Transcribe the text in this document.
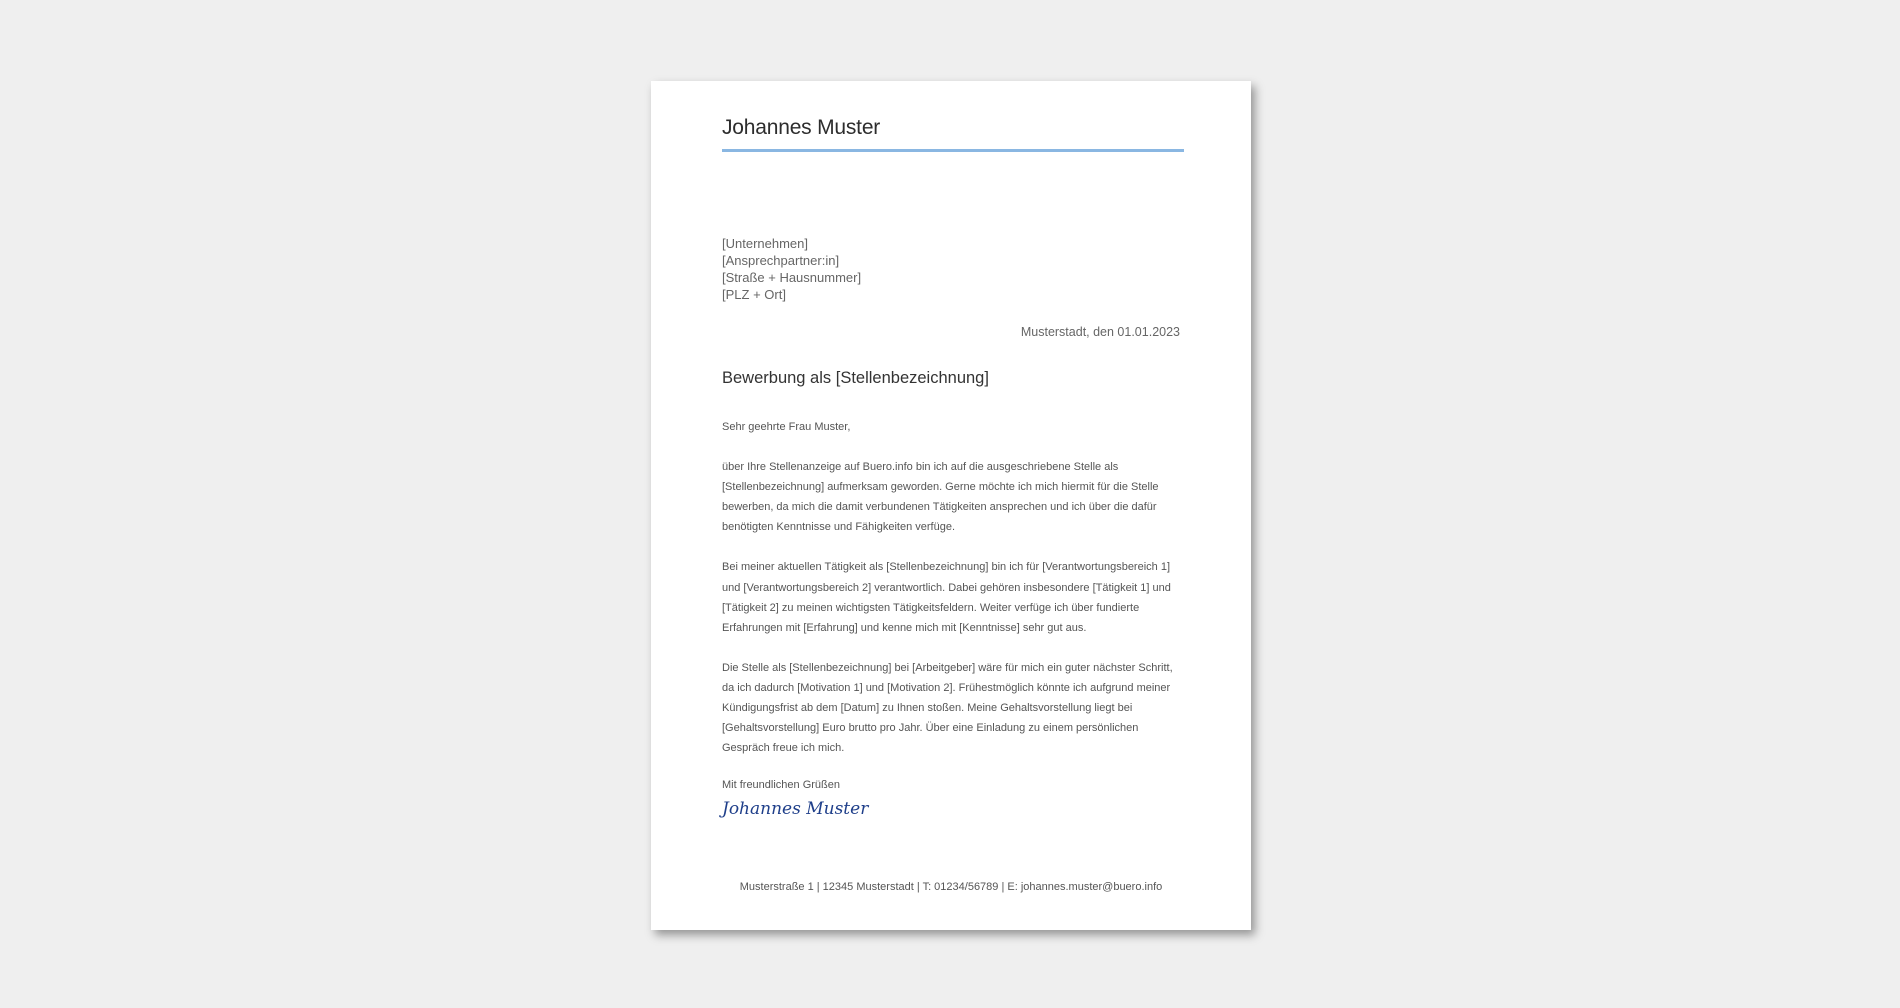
Johannes Muster
[Unternehmen]
[Ansprechpartner:in]
[Straße + Hausnummer]
[PLZ + Ort]
Musterstadt, den 01.01.2023
Bewerbung als [Stellenbezeichnung]

Sehr geehrte Frau Muster,

über Ihre Stellenanzeige auf Buero.info bin ich auf die ausgeschriebene Stelle als [Stellenbezeichnung] aufmerksam geworden. Gerne möchte ich mich hiermit für die Stelle bewerben, da mich die damit verbundenen Tätigkeiten ansprechen und ich über die dafür benötigten Kenntnisse und Fähigkeiten verfüge.

Bei meiner aktuellen Tätigkeit als [Stellenbezeichnung] bin ich für [Verantwortungsbereich 1] und [Verantwortungsbereich 2] verantwortlich. Dabei gehören insbesondere [Tätigkeit 1] und [Tätigkeit 2] zu meinen wichtigsten Tätigkeitsfeldern. Weiter verfüge ich über fundierte Erfahrungen mit [Erfahrung] und kenne mich mit [Kenntnisse] sehr gut aus.

Die Stelle als [Stellenbezeichnung] bei [Arbeitgeber] wäre für mich ein guter nächster Schritt, da ich dadurch [Motivation 1] und [Motivation 2]. Frühestmöglich könnte ich aufgrund meiner Kündigungsfrist ab dem [Datum] zu Ihnen stoßen. Meine Gehaltsvorstellung liegt bei [Gehaltsvorstellung] Euro brutto pro Jahr. Über eine Einladung zu einem persönlichen Gespräch freue ich mich.

Mit freundlichen Grüßen
Johannes Muster
Musterstraße 1 | 12345 Musterstadt | T: 01234/56789 | E: johannes.muster@buero.info
